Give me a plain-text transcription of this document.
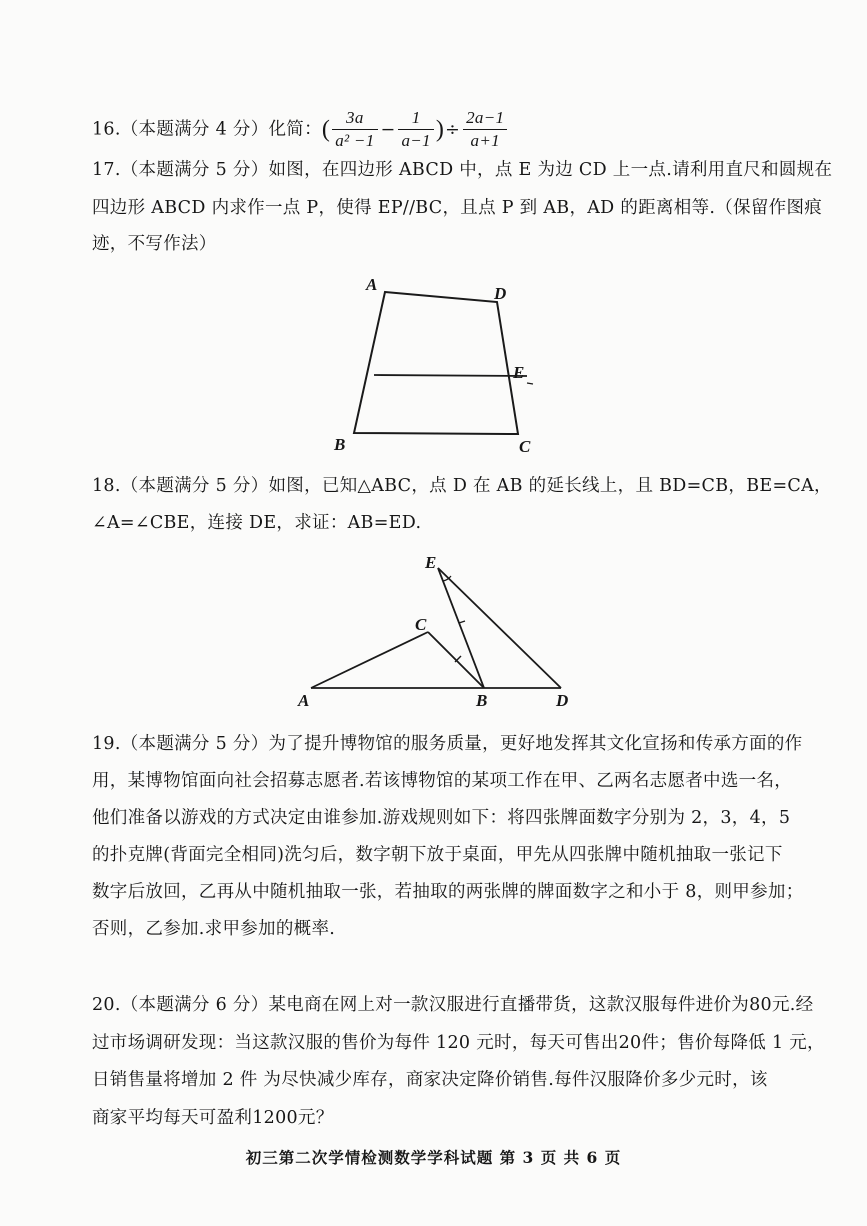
16.（本题满分 4 分）化简：( $\frac{3a}{\text{a² −1}} - \frac{1}{a-1}$ )÷ $\frac{2a-1}{a+1}$
17.（本题满分 5 分）如图，在四边形 ABCD 中，点 E 为边 CD 上一点.请利用直尺和圆规在
四边形 ABCD 内求作一点 P，使得 EP//BC，且点 P 到 AB，AD 的距离相等.（保留作图痕
迹，不写作法）
A	D
E
B	C
18.（本题满分 5 分）如图，已知△ABC，点 D 在 AB 的延长线上，且 BD=CB，BE=CA，
∠A=∠CBE，连接 DE，求证：AB=ED.
E
C
A	B	D
19.（本题满分 5 分）为了提升博物馆的服务质量，更好地发挥其文化宣扬和传承方面的作
用，某博物馆面向社会招募志愿者.若该博物馆的某项工作在甲、乙两名志愿者中选一名，
他们准备以游戏的方式决定由谁参加.游戏规则如下：将四张牌面数字分别为 2，3，4，5
的扑克牌(背面完全相同)洗匀后，数字朝下放于桌面，甲先从四张牌中随机抽取一张记下
数字后放回，乙再从中随机抽取一张，若抽取的两张牌的牌面数字之和小于 8，则甲参加；
否则，乙参加.求甲参加的概率.
20.（本题满分 6 分）某电商在网上对一款汉服进行直播带货，这款汉服每件进价为80元.经
过市场调研发现：当这款汉服的售价为每件 120 元时，每天可售出20件；售价每降低 1 元，
日销售量将增加 2 件 为尽快减少库存，商家决定降价销售.每件汉服降价多少元时，该
商家平均每天可盈利1200元？
初三第二次学情检测数学学科试题 第 3 页 共 6 页
